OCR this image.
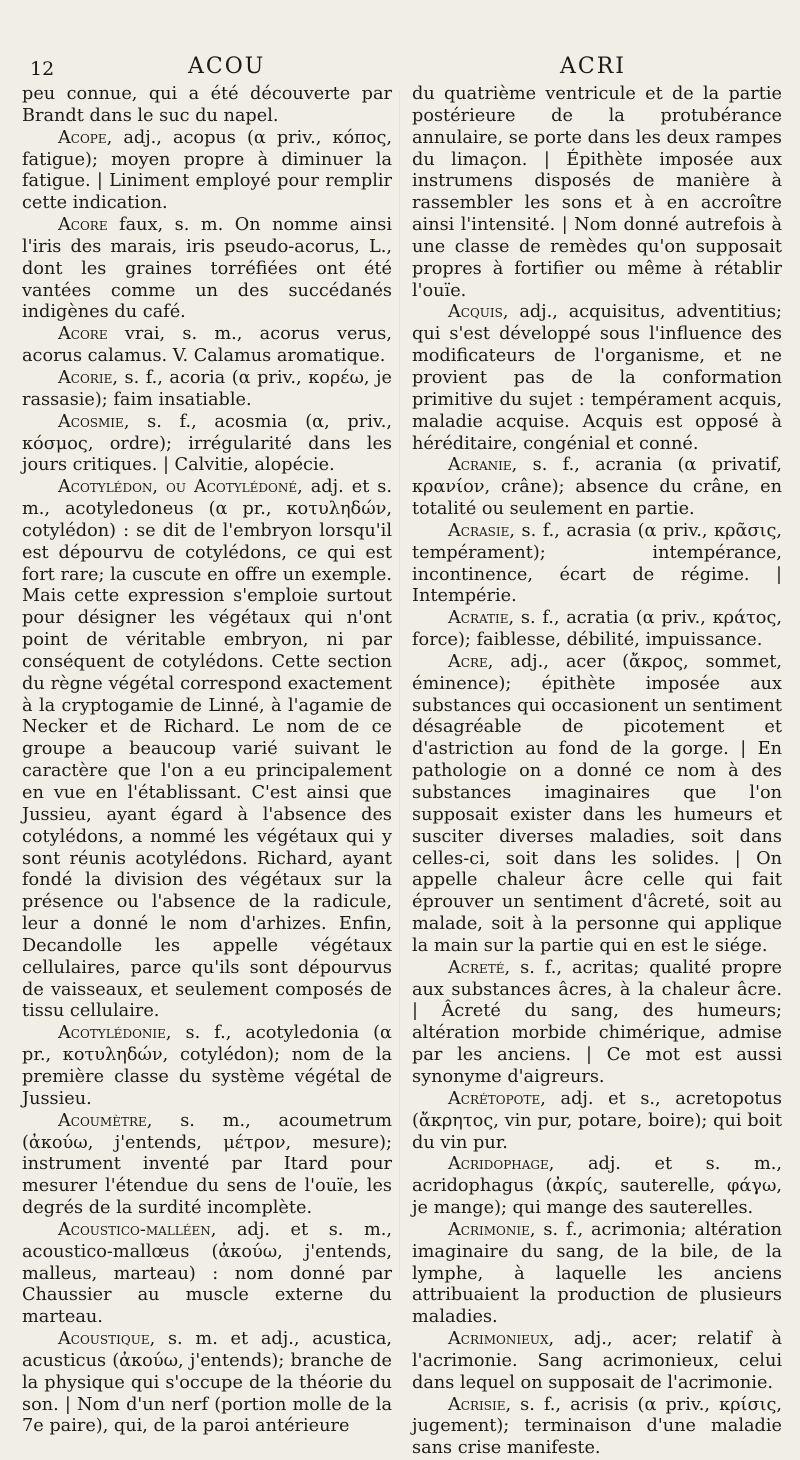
12	ACOU	ACRI

peu connue, qui a été découverte par Brandt dans le suc du napel.

Acope, adj., acopus (α priv., κόπος, fatigue); moyen propre à diminuer la fatigue. | Liniment employé pour remplir cette indication.

Acore faux, s. m. On nomme ainsi l'iris des marais, iris pseudo-acorus, L., dont les graines torréfiées ont été vantées comme un des succédanés indigènes du café.

Acore vrai, s. m., acorus verus, acorus calamus. V. Calamus aromatique.

Acorie, s. f., acoria (α priv., κορέω, je rassasie); faim insatiable.

Acosmie, s. f., acosmia (α, priv., κόσμος, ordre); irrégularité dans les jours critiques. | Calvitie, alopécie.

Acotylédon, ou Acotylédoné, adj. et s. m., acotyledoneus (α pr., κοτυληδών, cotylédon) : se dit de l'embryon lorsqu'il est dépourvu de cotylédons, ce qui est fort rare; la cuscute en offre un exemple. Mais cette expression s'emploie surtout pour désigner les végétaux qui n'ont point de véritable embryon, ni par conséquent de cotylédons. Cette section du règne végétal correspond exactement à la cryptogamie de Linné, à l'agamie de Necker et de Richard. Le nom de ce groupe a beaucoup varié suivant le caractère que l'on a eu principalement en vue en l'établissant. C'est ainsi que Jussieu, ayant égard à l'absence des cotylédons, a nommé les végétaux qui y sont réunis acotylédons. Richard, ayant fondé la division des végétaux sur la présence ou l'absence de la radicule, leur a donné le nom d'arhizes. Enfin, Decandolle les appelle végétaux cellulaires, parce qu'ils sont dépourvus de vaisseaux, et seulement composés de tissu cellulaire.

Acotylédonie, s. f., acotyledonia (α pr., κοτυληδών, cotylédon); nom de la première classe du système végétal de Jussieu.

Acoumètre, s. m., acoumetrum (ἀκούω, j'entends, μέτρον, mesure); instrument inventé par Itard pour mesurer l'étendue du sens de l'ouïe, les degrés de la surdité incomplète.

Acoustico-malléen, adj. et s. m., acoustico-mallœus (ἀκούω, j'entends, malleus, marteau) : nom donné par Chaussier au muscle externe du marteau.

Acoustique, s. m. et adj., acustica, acusticus (ἀκούω, j'entends); branche de la physique qui s'occupe de la théorie du son. | Nom d'un nerf (portion molle de la 7e paire), qui, de la paroi antérieure

du quatrième ventricule et de la partie postérieure de la protubérance annulaire, se porte dans les deux rampes du limaçon. | Épithète imposée aux instrumens disposés de manière à rassembler les sons et à en accroître ainsi l'intensité. | Nom donné autrefois à une classe de remèdes qu'on supposait propres à fortifier ou même à rétablir l'ouïe.

Acquis, adj., acquisitus, adventitius; qui s'est développé sous l'influence des modificateurs de l'organisme, et ne provient pas de la conformation primitive du sujet : tempérament acquis, maladie acquise. Acquis est opposé à héréditaire, congénial et conné.

Acranie, s. f., acrania (α privatif, κρανίον, crâne); absence du crâne, en totalité ou seulement en partie.

Acrasie, s. f., acrasia (α priv., κρᾶσις, tempérament); intempérance, incontinence, écart de régime. | Intempérie.

Acratie, s. f., acratia (α priv., κράτος, force); faiblesse, débilité, impuissance.

Acre, adj., acer (ἄκρος, sommet, éminence); épithète imposée aux substances qui occasionent un sentiment désagréable de picotement et d'astriction au fond de la gorge. | En pathologie on a donné ce nom à des substances imaginaires que l'on supposait exister dans les humeurs et susciter diverses maladies, soit dans celles-ci, soit dans les solides. | On appelle chaleur âcre celle qui fait éprouver un sentiment d'âcreté, soit au malade, soit à la personne qui applique la main sur la partie qui en est le siége.

Acreté, s. f., acritas; qualité propre aux substances âcres, à la chaleur âcre. | Âcreté du sang, des humeurs; altération morbide chimérique, admise par les anciens. | Ce mot est aussi synonyme d'aigreurs.

Acrétopote, adj. et s., acretopotus (ἄκρητος, vin pur, potare, boire); qui boit du vin pur.

Acridophage, adj. et s. m., acridophagus (ἀκρίς, sauterelle, φάγω, je mange); qui mange des sauterelles.

Acrimonie, s. f., acrimonia; altération imaginaire du sang, de la bile, de la lymphe, à laquelle les anciens attribuaient la production de plusieurs maladies.

Acrimonieux, adj., acer; relatif à l'acrimonie. Sang acrimonieux, celui dans lequel on supposait de l'acrimonie.

Acrisie, s. f., acrisis (α priv., κρίσις, jugement); terminaison d'une maladie sans crise manifeste.
